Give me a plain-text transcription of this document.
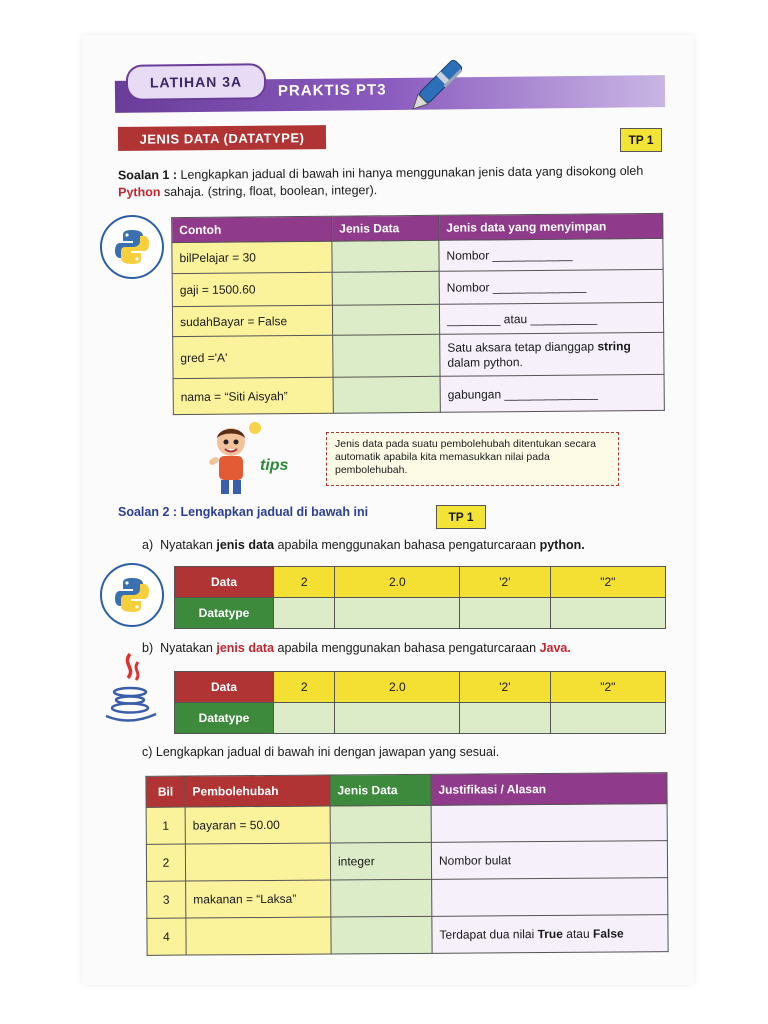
LATIHAN 3A	PRAKTIS PT3
JENIS DATA (DATATYPE)	TP 1
Soalan 1 : Lengkapkan jadual di bawah ini hanya menggunakan jenis data yang disokong oleh Python sahaja. (string, float, boolean, integer).
Contoh	Jenis Data	Jenis data yang menyimpan
bilPelajar = 30		Nombor ____________
gaji = 1500.60		Nombor ______________
sudahBayar = False		________ atau __________
gred ='A'		Satu aksara tetap dianggap string dalam python.
nama = “Siti Aisyah”		gabungan ______________
tips
Jenis data pada suatu pembolehubah ditentukan secara automatik apabila kita memasukkan nilai pada pembolehubah.
Soalan 2 : Lengkapkan jadual di bawah ini	TP 1
a) Nyatakan jenis data apabila menggunakan bahasa pengaturcaraan python.
Data	2	2.0	'2'	"2"
Datatype				
b) Nyatakan jenis data apabila menggunakan bahasa pengaturcaraan Java.
Data	2	2.0	'2'	"2"
Datatype				
c) Lengkapkan jadual di bawah ini dengan jawapan yang sesuai.
Bil	Pembolehubah	Jenis Data	Justifikasi / Alasan
1	bayaran = 50.00		
2		integer	Nombor bulat
3	makanan = “Laksa”		
4			Terdapat dua nilai True atau False
